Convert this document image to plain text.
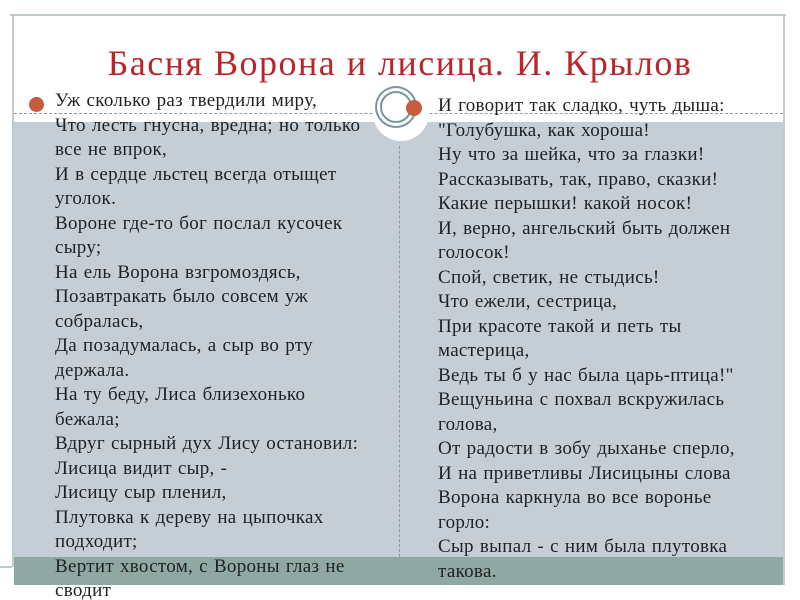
Басня Ворона и лисица. И. Крылов
Уж сколько раз твердили миру,
Что лесть гнусна, вредна; но только
все не впрок,
И в сердце льстец всегда отыщет
уголок.
Вороне где-то бог послал кусочек
сыру;
На ель Ворона взгромоздясь,
Позавтракать было совсем уж
собралась,
Да позадумалась, а сыр во рту
держала.
На ту беду, Лиса близехонько
бежала;
Вдруг сырный дух Лису остановил:
Лисица видит сыр, -
Лисицу сыр пленил,
Плутовка к дереву на цыпочках
подходит;
Вертит хвостом, с Вороны глаз не
сводит
И говорит так сладко, чуть дыша:
"Голубушка, как хороша!
Ну что за шейка, что за глазки!
Рассказывать, так, право, сказки!
Какие перышки! какой носок!
И, верно, ангельский быть должен
голосок!
Спой, светик, не стыдись!
Что ежели, сестрица,
При красоте такой и петь ты
мастерица,
Ведь ты б у нас была царь-птица!"
Вещуньина с похвал вскружилась
голова,
От радости в зобу дыханье сперло,
И на приветливы Лисицыны слова
Ворона каркнула во все воронье
горло:
Сыр выпал - с ним была плутовка
такова.
